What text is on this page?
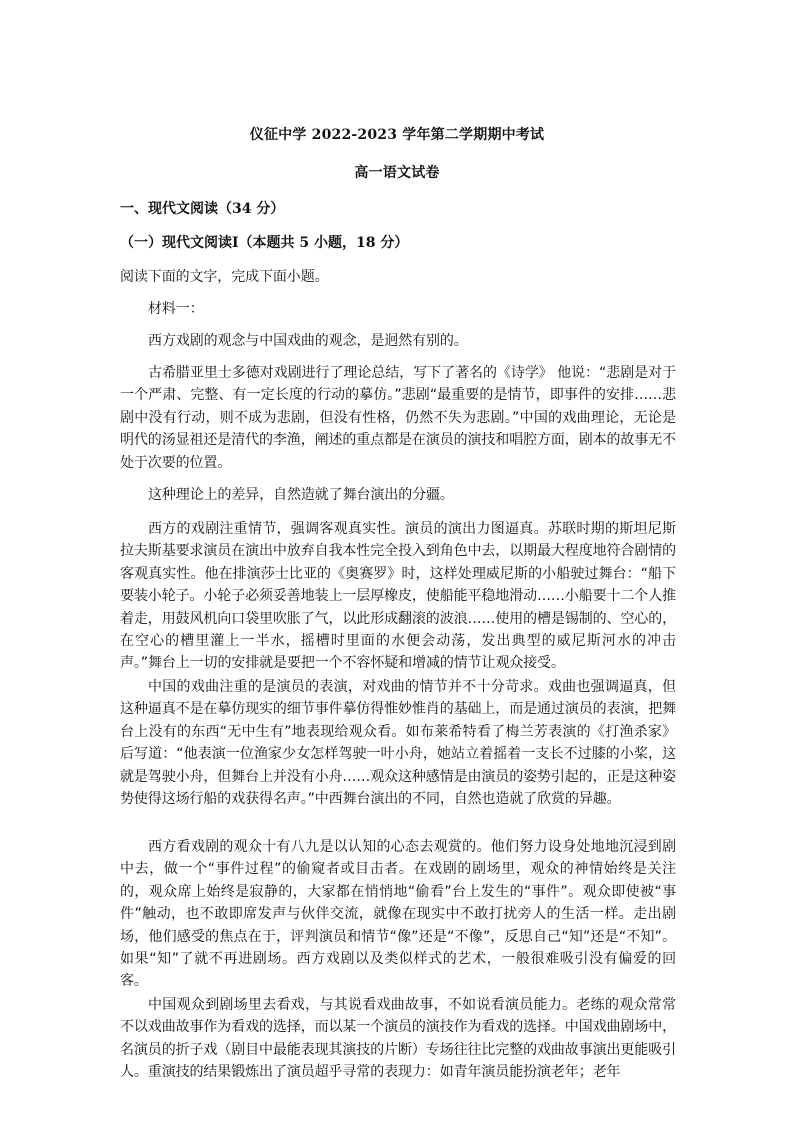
仪征中学 2022-2023 学年第二学期期中考试
高一语文试卷
一、现代文阅读（34 分）
（一）现代文阅读Ⅰ（本题共 5 小题，18 分）

阅读下面的文字，完成下面小题。

材料一：

西方戏剧的观念与中国戏曲的观念，是迥然有别的。

古希腊亚里士多德对戏剧进行了理论总结，写下了著名的《诗学》 他说：“悲剧是对于一个严肃、完整、有一定长度的行动的摹仿。”悲剧“最重要的是情节，即事件的安排……悲剧中没有行动，则不成为悲剧，但没有性格，仍然不失为悲剧。”中国的戏曲理论，无论是明代的汤显祖还是清代的李渔，阐述的重点都是在演员的演技和唱腔方面，剧本的故事无不处于次要的位置。

这种理论上的差异，自然造就了舞台演出的分疆。

西方的戏剧注重情节，强调客观真实性。演员的演出力图逼真。苏联时期的斯坦尼斯拉夫斯基要求演员在演出中放弃自我本性完全投入到角色中去，以期最大程度地符合剧情的客观真实性。他在排演莎士比亚的《奥赛罗》时，这样处理威尼斯的小船驶过舞台：“船下要装小轮子。小轮子必须妥善地装上一层厚橡皮，使船能平稳地滑动……小船要十二个人推着走，用鼓风机向口袋里吹胀了气，以此形成翻滚的波浪……使用的槽是锡制的、空心的，在空心的槽里灌上一半水，摇槽时里面的水便会动荡，发出典型的威尼斯河水的冲击声。”舞台上一切的安排就是要把一个不容怀疑和增减的情节让观众接受。

中国的戏曲注重的是演员的表演，对戏曲的情节并不十分苛求。戏曲也强调逼真，但这种逼真不是在摹仿现实的细节事件摹仿得惟妙惟肖的基础上，而是通过演员的表演，把舞台上没有的东西“无中生有”地表现给观众看。如布莱希特看了梅兰芳表演的《打渔杀家》后写道：“他表演一位渔家少女怎样驾驶一叶小舟，她站立着摇着一支长不过膝的小桨，这就是驾驶小舟，但舞台上并没有小舟……观众这种感情是由演员的姿势引起的，正是这种姿势使得这场行船的戏获得名声。”中西舞台演出的不同，自然也造就了欣赏的异趣。

西方看戏剧的观众十有八九是以认知的心态去观赏的。他们努力设身处地地沉浸到剧中去，做一个“事件过程”的偷窥者或目击者。在戏剧的剧场里，观众的神情始终是关注的，观众席上始终是寂静的，大家都在悄悄地“偷看”台上发生的“事件”。观众即使被“事件”触动，也不敢即席发声与伙伴交流，就像在现实中不敢打扰旁人的生活一样。走出剧场，他们感受的焦点在于，评判演员和情节“像”还是“不像”，反思自己“知”还是“不知”。如果“知”了就不再进剧场。西方戏剧以及类似样式的艺术，一般很难吸引没有偏爱的回客。

中国观众到剧场里去看戏，与其说看戏曲故事，不如说看演员能力。老练的观众常常不以戏曲故事作为看戏的选择，而以某一个演员的演技作为看戏的选择。中国戏曲剧场中，名演员的折子戏（剧目中最能表现其演技的片断）专场往往比完整的戏曲故事演出更能吸引人。重演技的结果锻炼出了演员超乎寻常的表现力：如青年演员能扮演老年；老年
